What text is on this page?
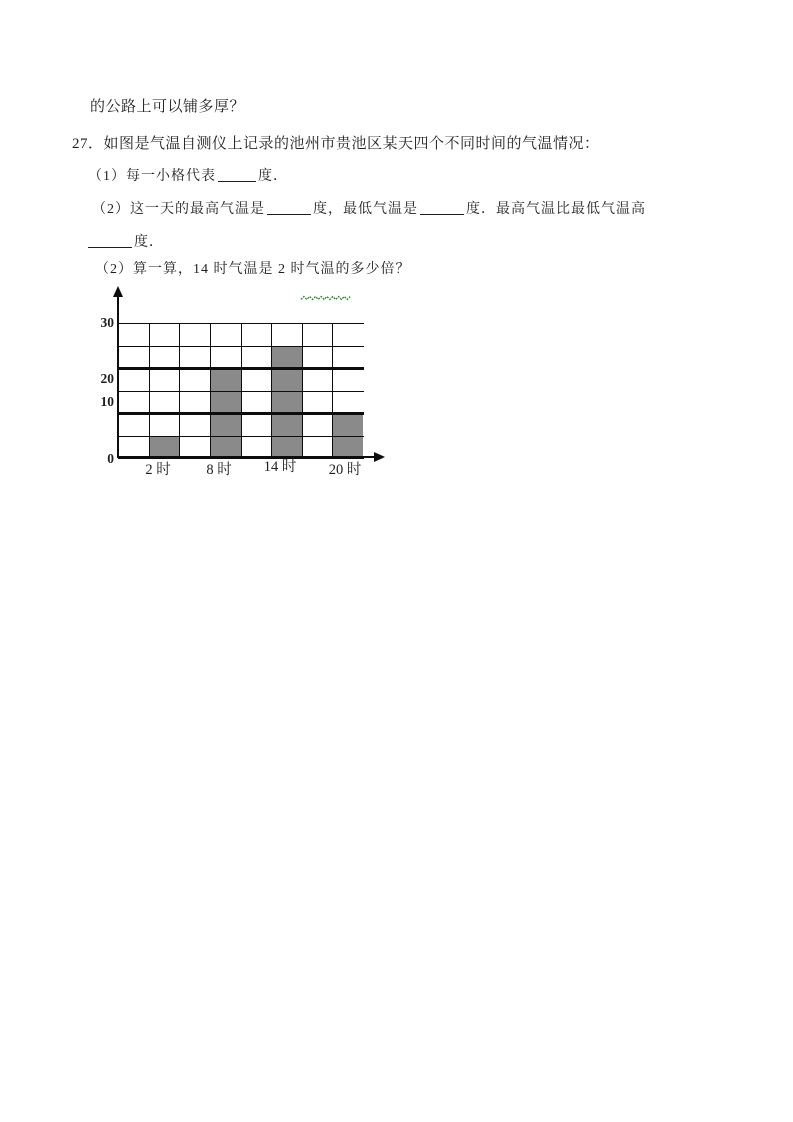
的公路上可以铺多厚？

27．如图是气温自测仪上记录的池州市贵池区某天四个不同时间的气温情况：

（1）每一小格代表	度．

（2）这一天的最高气温是	度，最低气温是	度．最高气温比最低气温高

度．

（2）算一算，14 时气温是 2 时气温的多少倍？

30
20
10
0
2 时	8 时	14 时	20 时
